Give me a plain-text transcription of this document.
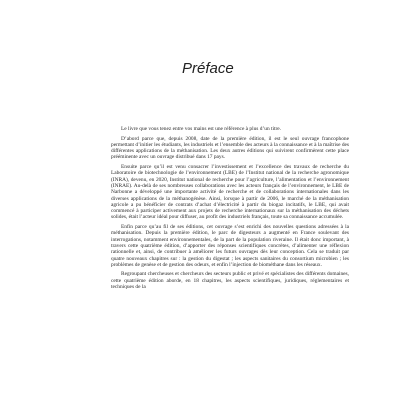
Préface

Le livre que vous tenez entre vos mains est une référence à plus d’un titre.

D’abord parce que, depuis 2008, date de la première édition, il est le seul ouvrage francophone permettant d’initier les étudiants, les industriels et l’ensemble des acteurs à la connaissance et à la maîtrise des différentes applications de la méthanisation. Les deux autres éditions qui suivirent confirmèrent cette place prééminente avec un ouvrage distribué dans 17 pays.

Ensuite parce qu’il est venu consacrer l’investissement et l’excellence des travaux de recherche du Laboratoire de biotechnologie de l’environnement (LBE) de l’Institut national de la recherche agronomique (INRA), devenu, en 2020, Institut national de recherche pour l’agriculture, l’alimentation et l’environnement (INRAE). Au-delà de ses nombreuses collaborations avec les acteurs français de l’environnement, le LBE de Narbonne a développé une importante activité de recherche et de collaborations internationales dans les diverses applications de la méthanogénèse. Ainsi, lorsque à partir de 2006, le marché de la méthanisation agricole a pu bénéficier de contrats d’achat d’électricité à partir du biogaz incitatifs, le LBE, qui avait commencé à participer activement aux projets de recherche internationaux sur la méthanisation des déchets solides, était l’acteur idéal pour diffuser, au profit des industriels français, toute sa connaissance accumulée.

Enfin parce qu’au fil de ses éditions, cet ouvrage s’est enrichi des nouvelles questions adressées à la méthanisation. Depuis la première édition, le parc de digesteurs a augmenté en France soulevant des interrogations, notamment environnementales, de la part de la population riveraine. Il était donc important, à travers cette quatrième édition, d’apporter des réponses scientifiques concrètes, d’alimenter une réflexion rationnelle et, ainsi, de contribuer à améliorer les futurs ouvrages dès leur conception. Cela se traduit par quatre nouveaux chapitres sur : la gestion du digestat ; les aspects sanitaires du consortium microbien ; les problèmes de genèse et de gestion des odeurs, et enfin l’injection de biométhane dans les réseaux.

Regroupant chercheuses et chercheurs des secteurs public et privé et spécialistes des différents domaines, cette quatrième édition aborde, en 18 chapitres, les aspects scientifiques, juridiques, réglementaires et techniques de la
